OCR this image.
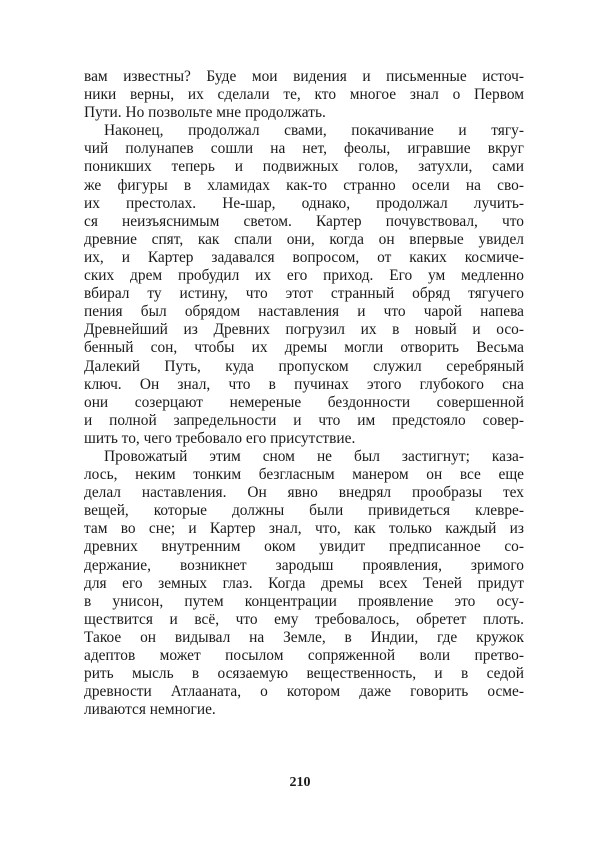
вам известны? Буде мои видения и письменные источ-
ники верны, их сделали те, кто многое знал о Первом
Пути. Но позвольте мне продолжать.
Наконец, продолжал свами, покачивание и тягу-
чий полунапев сошли на нет, феолы, игравшие вкруг
поникших теперь и подвижных голов, затухли, сами
же фигуры в хламидах как-то странно осели на сво-
их престолах. Не-шар, однако, продолжал лучить-
ся неизъяснимым светом. Картер почувствовал, что
древние спят, как спали они, когда он впервые увидел
их, и Картер задавался вопросом, от каких космиче-
ских дрем пробудил их его приход. Его ум медленно
вбирал ту истину, что этот странный обряд тягучего
пения был обрядом наставления и что чарой напева
Древнейший из Древних погрузил их в новый и осо-
бенный сон, чтобы их дремы могли отворить Весьма
Далекий Путь, куда пропуском служил серебряный
ключ. Он знал, что в пучинах этого глубокого сна
они созерцают немереные бездонности совершенной
и полной запредельности и что им предстояло совер-
шить то, чего требовало его присутствие.
Провожатый этим сном не был застигнут; каза-
лось, неким тонким безгласным манером он все еще
делал наставления. Он явно внедрял прообразы тех
вещей, которые должны были привидеться клевре-
там во сне; и Картер знал, что, как только каждый из
древних внутренним оком увидит предписанное со-
держание, возникнет зародыш проявления, зримого
для его земных глаз. Когда дремы всех Теней придут
в унисон, путем концентрации проявление это осу-
ществится и всё, что ему требовалось, обретет плоть.
Такое он видывал на Земле, в Индии, где кружок
адептов может посылом сопряженной воли претво-
рить мысль в осязаемую вещественность, и в седой
древности Атлааната, о котором даже говорить осме-
ливаются немногие.
210
